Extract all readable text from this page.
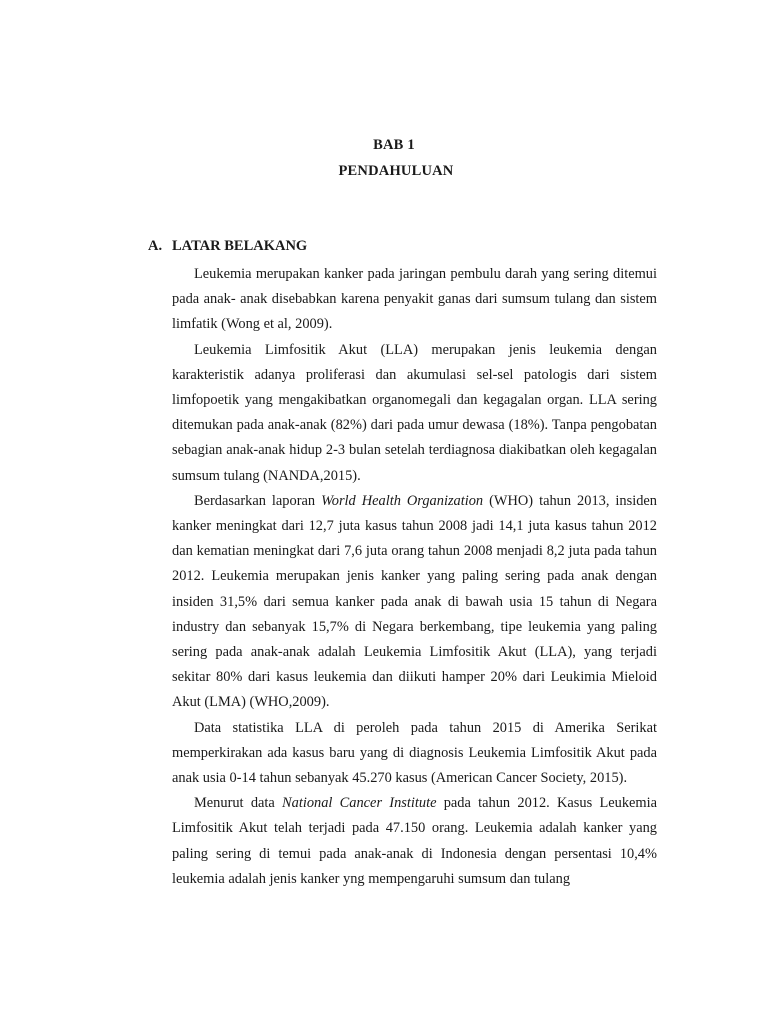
BAB 1
PENDAHULUAN
A. LATAR BELAKANG

Leukemia merupakan kanker pada jaringan pembulu darah yang sering ditemui pada anak- anak disebabkan karena penyakit ganas dari sumsum tulang dan sistem limfatik (Wong et al, 2009).

Leukemia Limfositik Akut (LLA) merupakan jenis leukemia dengan karakteristik adanya proliferasi dan akumulasi sel-sel patologis dari sistem limfopoetik yang mengakibatkan organomegali dan kegagalan organ. LLA sering ditemukan pada anak-anak (82%) dari pada umur dewasa (18%). Tanpa pengobatan sebagian anak-anak hidup 2-3 bulan setelah terdiagnosa diakibatkan oleh kegagalan sumsum tulang (NANDA,2015).

Berdasarkan laporan World Health Organization (WHO) tahun 2013, insiden kanker meningkat dari 12,7 juta kasus tahun 2008 jadi 14,1 juta kasus tahun 2012 dan kematian meningkat dari 7,6 juta orang tahun 2008 menjadi 8,2 juta pada tahun 2012. Leukemia merupakan jenis kanker yang paling sering pada anak dengan insiden 31,5% dari semua kanker pada anak di bawah usia 15 tahun di Negara industry dan sebanyak 15,7% di Negara berkembang, tipe leukemia yang paling sering pada anak-anak adalah Leukemia Limfositik Akut (LLA), yang terjadi sekitar 80% dari kasus leukemia dan diikuti hamper 20% dari Leukimia Mieloid Akut (LMA) (WHO,2009).

Data statistika LLA di peroleh pada tahun 2015 di Amerika Serikat memperkirakan ada kasus baru yang di diagnosis Leukemia Limfositik Akut pada anak usia 0-14 tahun sebanyak 45.270 kasus (American Cancer Society, 2015).

Menurut data National Cancer Institute pada tahun 2012. Kasus Leukemia Limfositik Akut telah terjadi pada 47.150 orang. Leukemia adalah kanker yang paling sering di temui pada anak-anak di Indonesia dengan persentasi 10,4% leukemia adalah jenis kanker yng mempengaruhi sumsum dan tulang
